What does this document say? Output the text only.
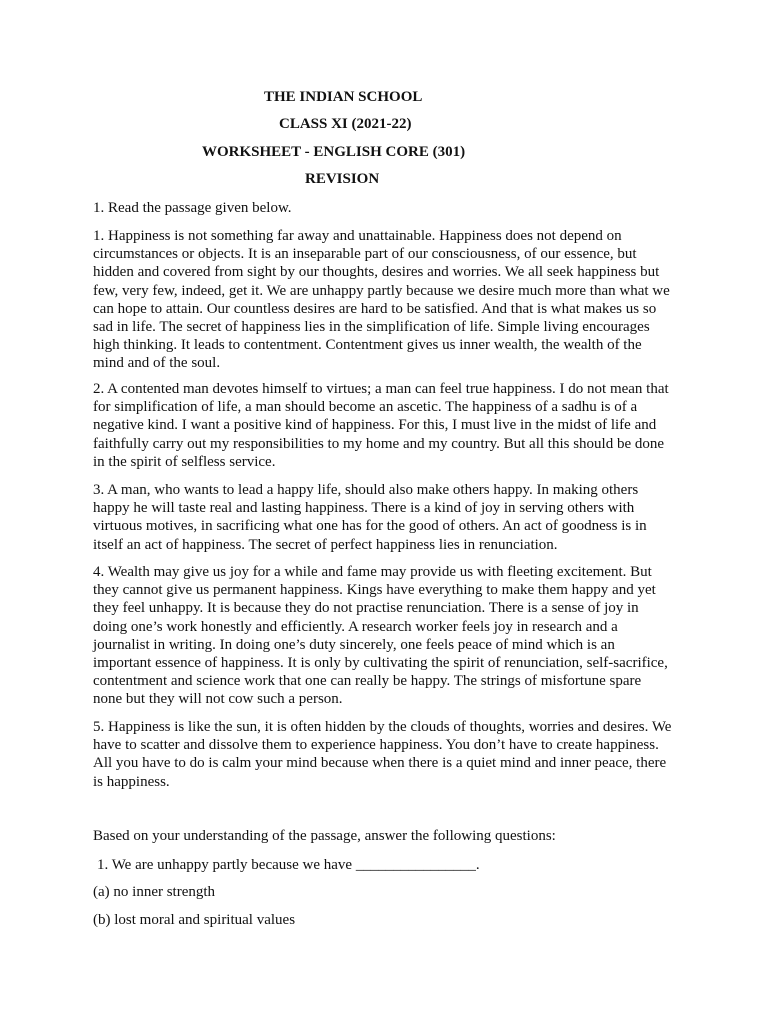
THE INDIAN SCHOOL
CLASS XI (2021-22)
WORKSHEET - ENGLISH CORE (301)
REVISION

1. Read the passage given below.

1. Happiness is not something far away and unattainable. Happiness does not depend on circumstances or objects. It is an inseparable part of our consciousness, of our essence, but hidden and covered from sight by our thoughts, desires and worries. We all seek happiness but few, very few, indeed, get it. We are unhappy partly because we desire much more than what we can hope to attain. Our countless desires are hard to be satisfied. And that is what makes us so sad in life. The secret of happiness lies in the simplification of life. Simple living encourages high thinking. It leads to contentment. Contentment gives us inner wealth, the wealth of the mind and of the soul.

2. A contented man devotes himself to virtues; a man can feel true happiness. I do not mean that for simplification of life, a man should become an ascetic. The happiness of a sadhu is of a negative kind. I want a positive kind of happiness. For this, I must live in the midst of life and faithfully carry out my responsibilities to my home and my country. But all this should be done in the spirit of selfless service.

3. A man, who wants to lead a happy life, should also make others happy. In making others happy he will taste real and lasting happiness. There is a kind of joy in serving others with virtuous motives, in sacrificing what one has for the good of others. An act of goodness is in itself an act of happiness. The secret of perfect happiness lies in renunciation.

4. Wealth may give us joy for a while and fame may provide us with fleeting excitement. But they cannot give us permanent happiness. Kings have everything to make them happy and yet they feel unhappy. It is because they do not practise renunciation. There is a sense of joy in doing one’s work honestly and efficiently. A research worker feels joy in research and a journalist in writing. In doing one’s duty sincerely, one feels peace of mind which is an important essence of happiness. It is only by cultivating the spirit of renunciation, self-sacrifice, contentment and science work that one can really be happy. The strings of misfortune spare none but they will not cow such a person.

5. Happiness is like the sun, it is often hidden by the clouds of thoughts, worries and desires. We have to scatter and dissolve them to experience happiness. You don’t have to create happiness. All you have to do is calm your mind because when there is a quiet mind and inner peace, there is happiness.

Based on your understanding of the passage, answer the following questions:

1. We are unhappy partly because we have ________________.

(a) no inner strength

(b) lost moral and spiritual values
